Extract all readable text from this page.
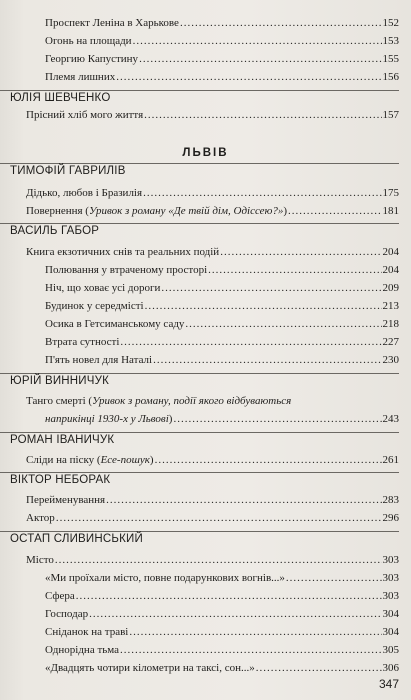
Проспект Леніна в Харькове .....	152
Огонь на площади .....	153
Георгию Капустину .....	155
Племя лишних .....	156
ЮЛІЯ ШЕВЧЕНКО
Прісний хліб мого життя .....	157
ЛЬВІВ
ТИМОФІЙ ГАВРИЛІВ
Дідько, любов і Бразилія .....	175
Повернення (Уривок з роману «Де твій дім, Одіссею?») .....	181
ВАСИЛЬ ГАБОР
Книга екзотичних снів та реальних подій .....	204
Полювання у втраченому просторі .....	204
Ніч, що ховає усі дороги .....	209
Будинок у середмісті .....	213
Осика в Гетсиманському саду .....	218
Втрата сутності .....	227
П'ять новел для Наталі .....	230
ЮРІЙ ВИННИЧУК
Танго смерті (Уривок з роману, події якого відбуваються
наприкінці 1930-х у Львові) .....	243
РОМАН ІВАНИЧУК
Сліди на піску (Есе-пошук) .....	261
ВІКТОР НЕБОРАК
Перейменування .....	283
Актор .....	296
ОСТАП СЛИВИНСЬКИЙ
Місто .....	303
«Ми проїхали місто, повне подарункових вогнів...» .....	303
Сфера .....	303
Господар .....	304
Сніданок на траві .....	304
Однорідна тьма .....	305
«Двадцять чотири кілометри на таксі, сон...» .....	306
347
